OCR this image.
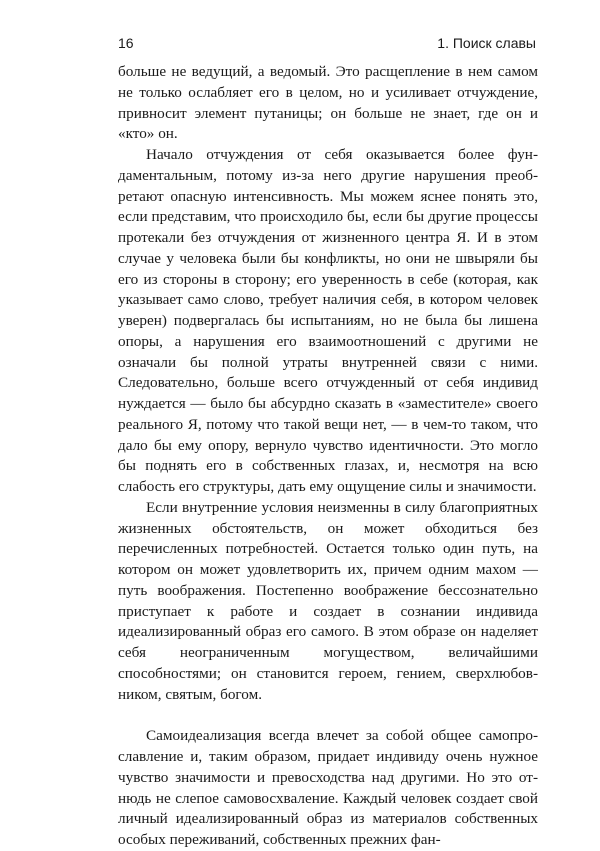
16	1. Поиск славы

больше не ведущий, а ведомый. Это расщепление в нем самом не только ослабляет его в целом, но и усиливает отчуждение, привносит элемент путаницы; он больше не знает, где он и «кто» он.

Начало отчуждения от себя оказывается более фундаментальным, потому из-за него другие нарушения преобретают опасную интенсивность. Мы можем яснее понять это, если представим, что происходило бы, если бы другие процессы протекали без отчуждения от жизненного центра Я. И в этом случае у человека были бы конфликты, но они не швыряли бы его из стороны в сторону; его уверенность в себе (которая, как указывает само слово, требует наличия себя, в котором человек уверен) подвергалась бы испытаниям, но не была бы лишена опоры, а нарушения его взаимоотношений с другими не означали бы полной утраты внутренней связи с ними. Следовательно, больше всего отчужденный от себя индивид нуждается — было бы абсурдно сказать в «заместителе» своего реального Я, потому что такой вещи нет, — в чем-то таком, что дало бы ему опору, вернуло чувство идентичности. Это могло бы поднять его в собственных глазах, и, несмотря на всю слабость его структуры, дать ему ощущение силы и значимости.

Если внутренние условия неизменны в силу благоприятных жизненных обстоятельств, он может обходиться без перечисленных потребностей. Остается только один путь, на котором он может удовлетворить их, причем одним махом — путь воображения. Постепенно воображение бессознательно приступает к работе и создает в сознании индивида идеализированный образ его самого. В этом образе он наделяет себя неограниченным могуществом, величайшими способностями; он становится героем, гением, сверхлюбовником, святым, богом.

Самоидеализация всегда влечет за собой общее самопрославление и, таким образом, придает индивиду очень нужное чувство значимости и превосходства над другими. Но это отнюдь не слепое самовосхваление. Каждый человек создает свой личный идеализированный образ из материалов собственных особых переживаний, собственных прежних фан-
